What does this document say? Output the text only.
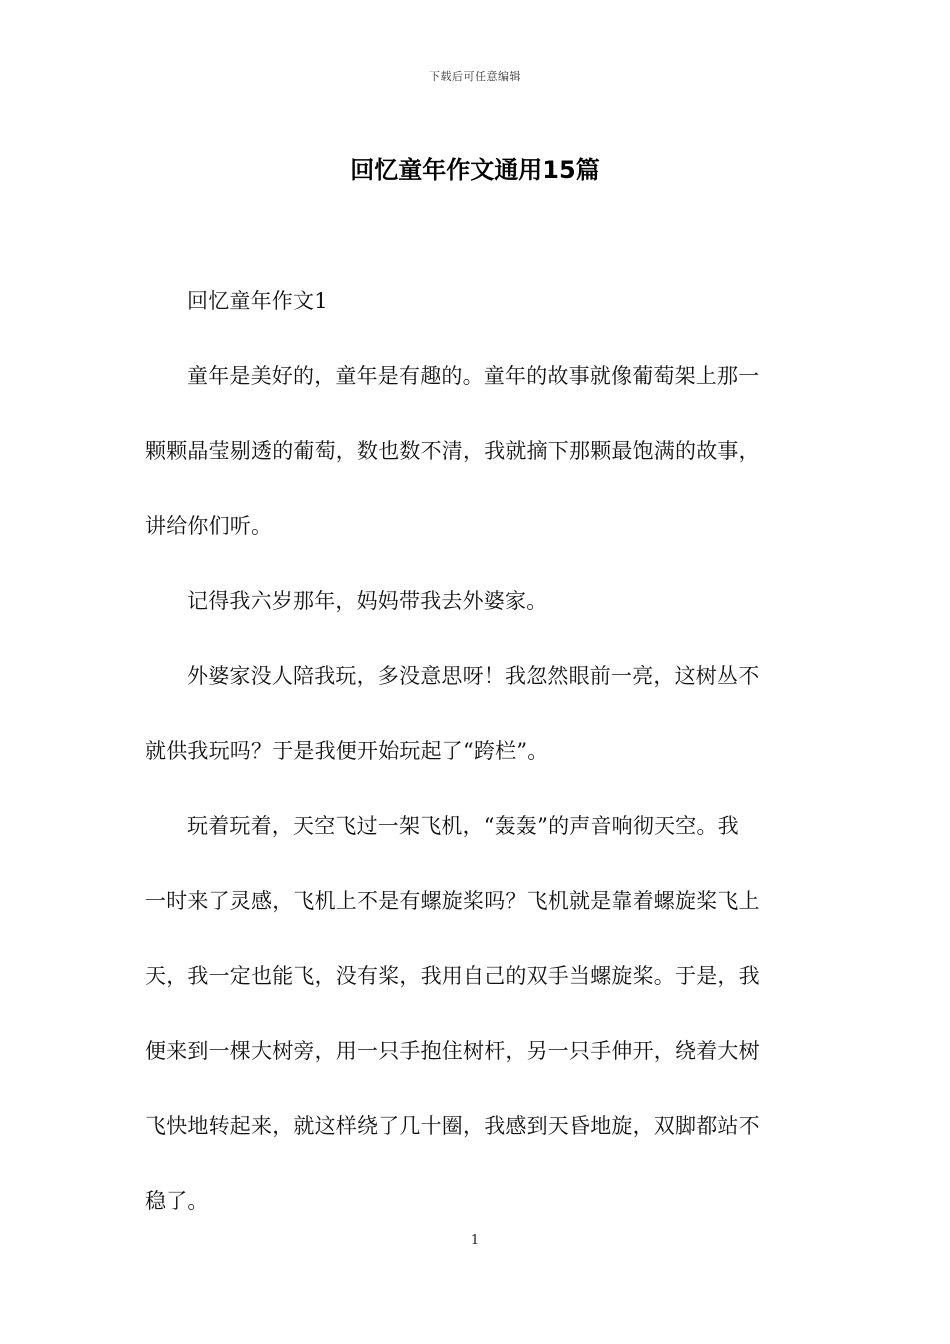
下载后可任意编辑
回忆童年作文通用15篇

回忆童年作文1

童年是美好的，童年是有趣的。童年的故事就像葡萄架上那一
颗颗晶莹剔透的葡萄，数也数不清，我就摘下那颗最饱满的故事，
讲给你们听。

记得我六岁那年，妈妈带我去外婆家。

外婆家没人陪我玩，多没意思呀！我忽然眼前一亮，这树丛不
就供我玩吗？于是我便开始玩起了“跨栏”。

玩着玩着，天空飞过一架飞机，“轰轰”的声音响彻天空。我
一时来了灵感，飞机上不是有螺旋桨吗？飞机就是靠着螺旋桨飞上
天，我一定也能飞，没有桨，我用自己的双手当螺旋桨。于是，我
便来到一棵大树旁，用一只手抱住树杆，另一只手伸开，绕着大树
飞快地转起来，就这样绕了几十圈，我感到天昏地旋，双脚都站不
稳了。

1
